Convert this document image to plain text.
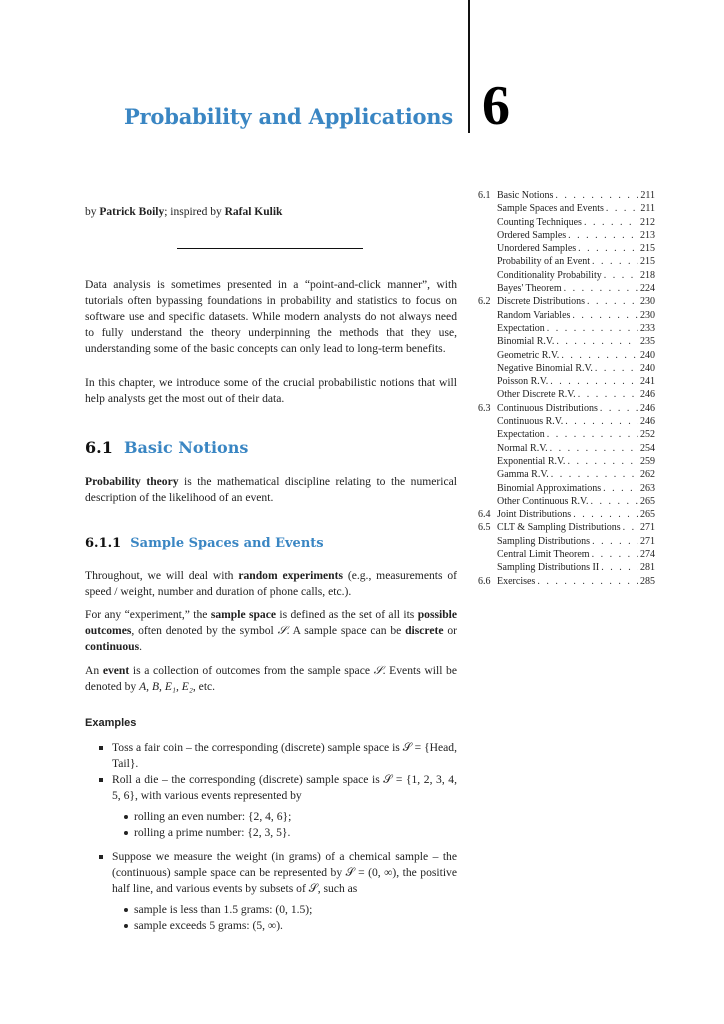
Probability and Applications 6
by Patrick Boily; inspired by Rafal Kulik
Data analysis is sometimes presented in a “point-and-click manner”, with tutorials often bypassing foundations in probability and statistics to focus on software use and specific datasets. While modern analysts do not always need to fully understand the theory underpinning the methods that they use, understanding some of the basic concepts can only lead to long-term benefits.
In this chapter, we introduce some of the crucial probabilistic notions that will help analysts get the most out of their data.
6.1 Basic Notions
Probability theory is the mathematical discipline relating to the numerical description of the likelihood of an event.
6.1.1 Sample Spaces and Events
Throughout, we will deal with random experiments (e.g., measurements of speed / weight, number and duration of phone calls, etc.).
For any “experiment,” the sample space is defined as the set of all its possible outcomes, often denoted by the symbol 𝒮. A sample space can be discrete or continuous.
An event is a collection of outcomes from the sample space 𝒮. Events will be denoted by A, B, E₁, E₂, etc.
Examples
Toss a fair coin – the corresponding (discrete) sample space is 𝒮 = {Head, Tail}.
Roll a die – the corresponding (discrete) sample space is 𝒮 = {1, 2, 3, 4, 5, 6}, with various events represented by
rolling an even number: {2, 4, 6};
rolling a prime number: {2, 3, 5}.
Suppose we measure the weight (in grams) of a chemical sample – the (continuous) sample space can be represented by 𝒮 = (0, ∞), the positive half line, and various events by subsets of 𝒮, such as
sample is less than 1.5 grams: (0, 1.5);
sample exceeds 5 grams: (5, ∞).
6.1 Basic Notions . . .	211
Sample Spaces and Events . . .	211
Counting Techniques . . .	212
Ordered Samples . . .	213
Unordered Samples . . .	215
Probability of an Event . . .	215
Conditionality Probability . . .	218
Bayes' Theorem . . .	224
6.2 Discrete Distributions . . .	230
Random Variables . . .	230
Expectation . . .	233
Binomial R.V. . . .	235
Geometric R.V. . . .	240
Negative Binomial R.V. . . .	240
Poisson R.V. . . .	241
Other Discrete R.V. . . .	246
6.3 Continuous Distributions . . .	246
Continuous R.V. . . .	246
Expectation . . .	252
Normal R.V. . . .	254
Exponential R.V. . . .	259
Gamma R.V. . . .	262
Binomial Approximations . . .	263
Other Continuous R.V. . . .	265
6.4 Joint Distributions . . .	265
6.5 CLT & Sampling Distributions . . . 271
Sampling Distributions . . .	271
Central Limit Theorem . . .	274
Sampling Distributions II . . .	281
6.6 Exercises . . .	285
